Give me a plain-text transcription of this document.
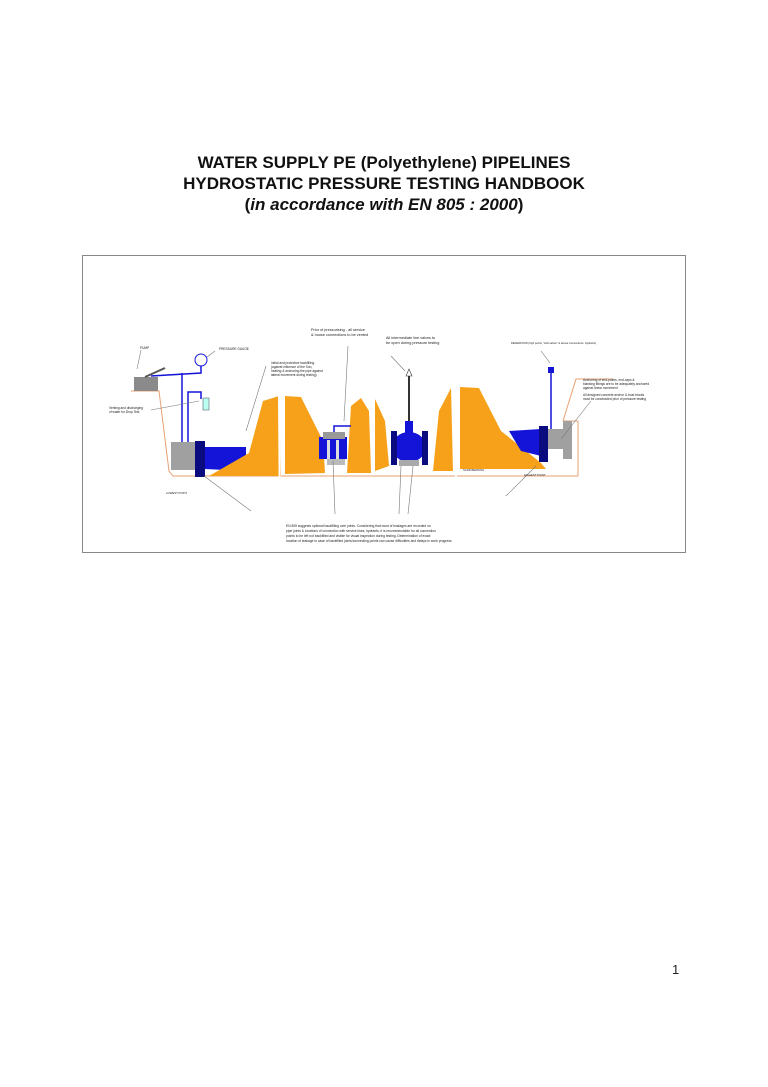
WATER SUPPLY PE (Polyethylene) PIPELINES
HYDROSTATIC PRESSURE TESTING HANDBOOK
(in accordance with EN 805 : 2000)
PUMP	PRESSURE GAUGE
Venting and discharging
of water for Drop Test
Initial and protective backfilling
(against influence of the Sun,
heating & anchoring the pipe against
lateral movement during testing)
Prior of pressurising - all service
& house connections to be vented
All intermediate line valves to
be open during pressure testing	DEAERATION (high points, "Holl valves" & House Connections, Hydrants)
Anchoring of end-points, end-caps &
blanking fittings are to be adequately anchored
against linear movement
All designed concrete anchor & trust blocks
must be constructed prior of pressure testing
LOWEST POINT
SAND BEDDING
HIGHEST POINT
EN 805 suggests optional backfilling over joints. Considering that most of leakages are recorded on
pipe joints & locations of connection with service lines, hydrants, it is recommendable for all connection
points to be left not backfilled and visible for visual inspection during testing. Determination of exact
location of leakage in case of backfilled joints/connecting points can cause difficulties and delays in work progress
1
